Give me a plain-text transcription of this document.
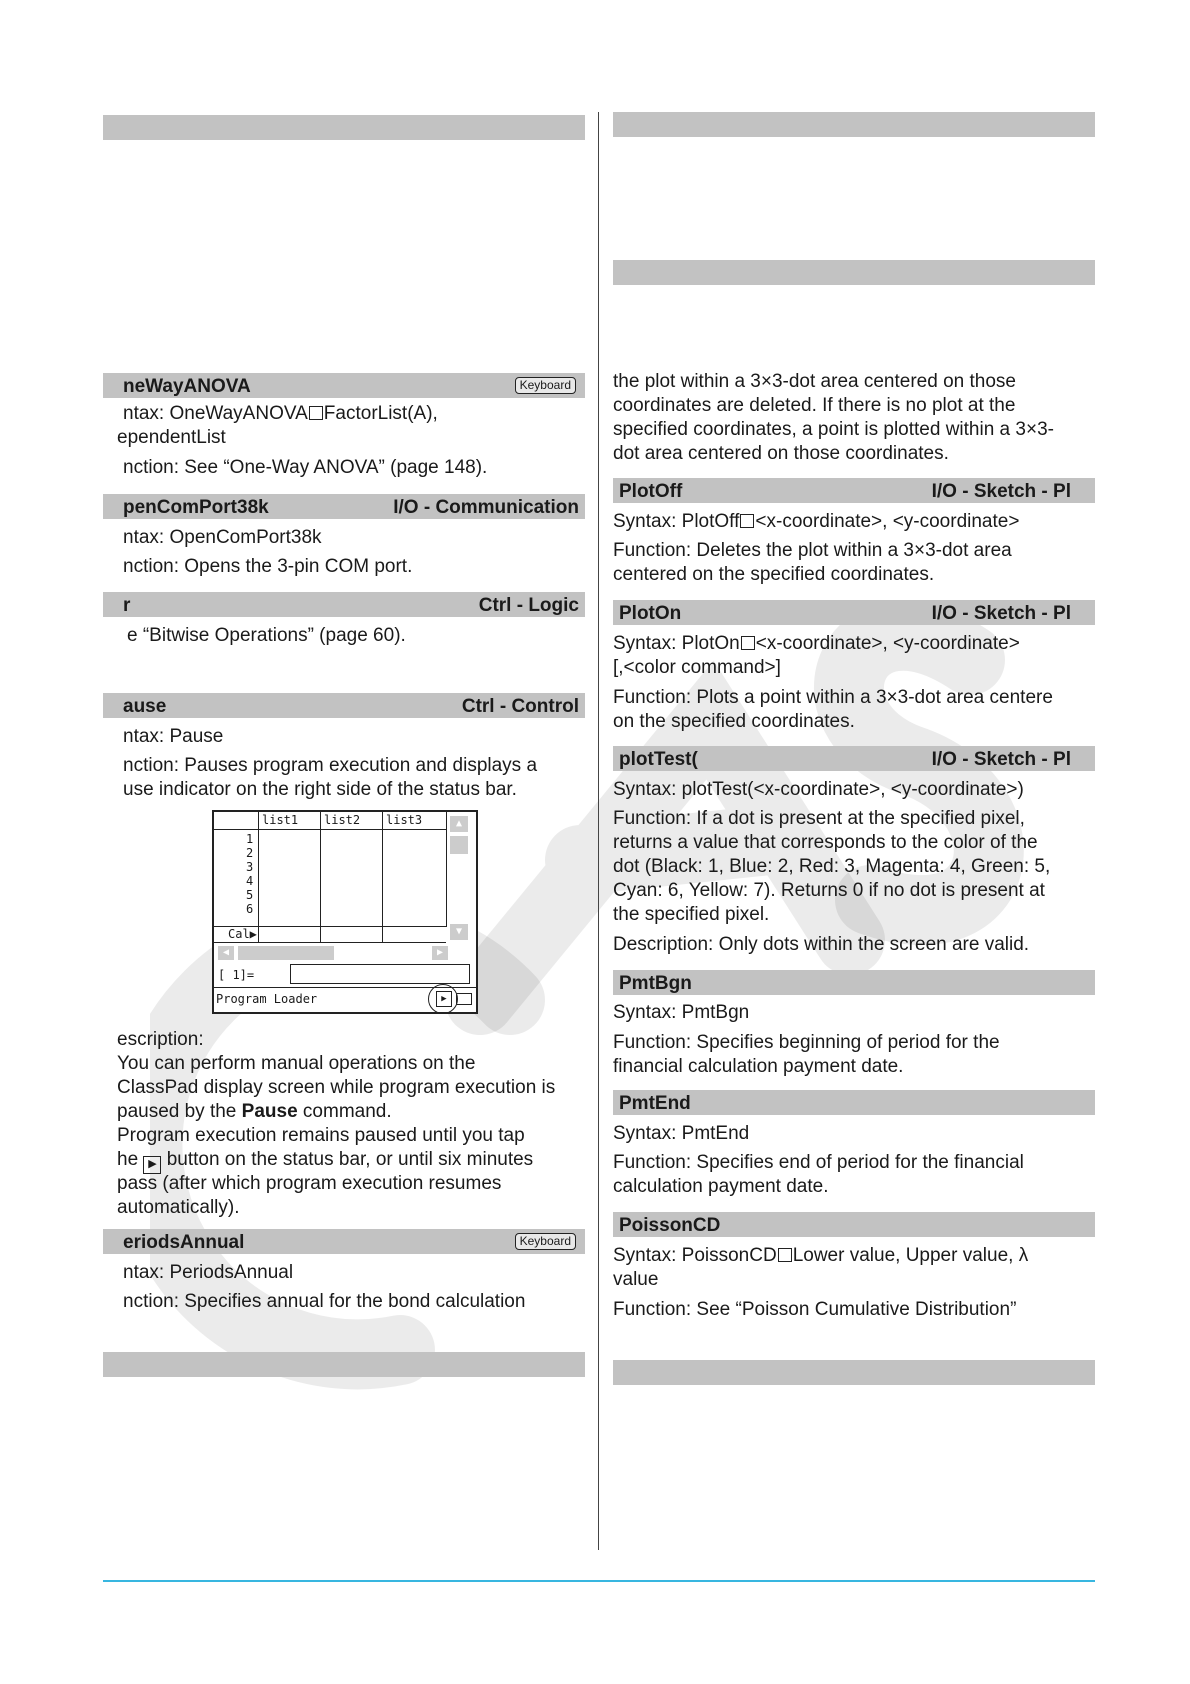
neWayANOVA	Keyboard
ntax: OneWayANOVA FactorList(A),
ependentList
nction: See “One-Way ANOVA” (page 148).
penComPort38k	I/O - Communication
ntax: OpenComPort38k
nction: Opens the 3-pin COM port.
r	Ctrl - Logic
e “Bitwise Operations” (page 60).
ause	Ctrl - Control
ntax: Pause
nction: Pauses program execution and displays a
use indicator on the right side of the status bar.
escription:
You can perform manual operations on the
ClassPad display screen while program execution is
paused by the Pause command.
Program execution remains paused until you tap
he ▶ button on the status bar, or until six minutes
pass (after which program execution resumes
automatically).
eriodsAnnual	Keyboard
ntax: PeriodsAnnual
nction: Specifies annual for the bond calculation
list1 list2 list3
1
2
3
4
5
6
Cal▶
▲
▼
◀	▶
[ 1]=
Program Loader	▶
the plot within a 3×3-dot area centered on those
coordinates are deleted. If there is no plot at the
specified coordinates, a point is plotted within a 3×3-
dot area centered on those coordinates.
PlotOff	I/O - Sketch - Pl
Syntax: PlotOff <x-coordinate>, <y-coordinate>
Function: Deletes the plot within a 3×3-dot area
centered on the specified coordinates.
PlotOn	I/O - Sketch - Pl
Syntax: PlotOn <x-coordinate>, <y-coordinate>
[,<color command>]
Function: Plots a point within a 3×3-dot area centere
on the specified coordinates.
plotTest(	I/O - Sketch - Pl
Syntax: plotTest(<x-coordinate>, <y-coordinate>)
Function: If a dot is present at the specified pixel,
returns a value that corresponds to the color of the
dot (Black: 1, Blue: 2, Red: 3, Magenta: 4, Green: 5,
Cyan: 6, Yellow: 7). Returns 0 if no dot is present at
the specified pixel.
Description: Only dots within the screen are valid.
PmtBgn
Syntax: PmtBgn
Function: Specifies beginning of period for the
financial calculation payment date.
PmtEnd
Syntax: PmtEnd
Function: Specifies end of period for the financial
calculation payment date.
PoissonCD
Syntax: PoissonCD Lower value, Upper value, λ
value
Function: See “Poisson Cumulative Distribution”
